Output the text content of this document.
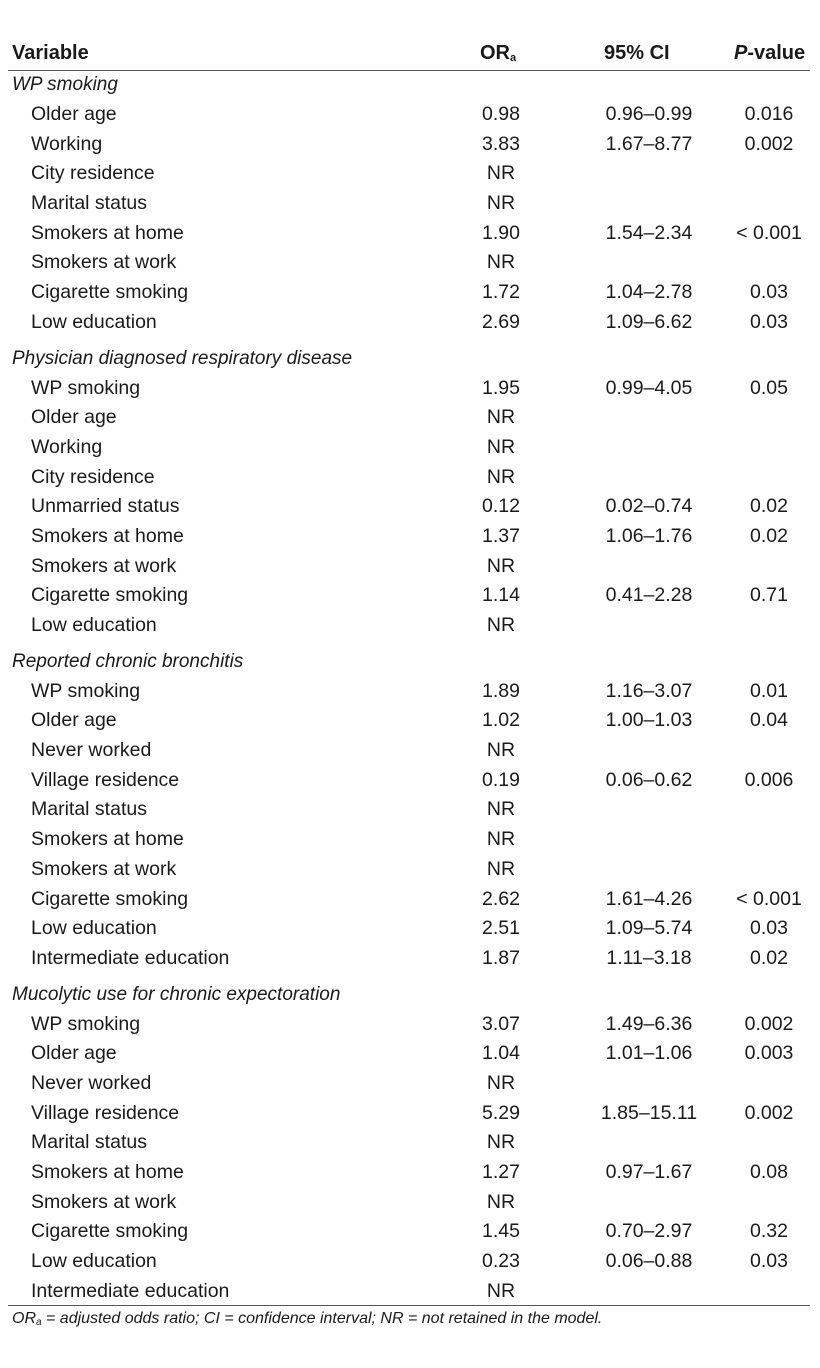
Variable	ORa	95% CI	P-value
WP smoking
Older age	0.98	0.96–0.99	0.016
Working	3.83	1.67–8.77	0.002
City residence	NR
Marital status	NR
Smokers at home	1.90	1.54–2.34	< 0.001
Smokers at work	NR
Cigarette smoking	1.72	1.04–2.78	0.03
Low education	2.69	1.09–6.62	0.03
Physician diagnosed respiratory disease
WP smoking	1.95	0.99–4.05	0.05
Older age	NR
Working	NR
City residence	NR
Unmarried status	0.12	0.02–0.74	0.02
Smokers at home	1.37	1.06–1.76	0.02
Smokers at work	NR
Cigarette smoking	1.14	0.41–2.28	0.71
Low education	NR
Reported chronic bronchitis
WP smoking	1.89	1.16–3.07	0.01
Older age	1.02	1.00–1.03	0.04
Never worked	NR
Village residence	0.19	0.06–0.62	0.006
Marital status	NR
Smokers at home	NR
Smokers at work	NR
Cigarette smoking	2.62	1.61–4.26	< 0.001
Low education	2.51	1.09–5.74	0.03
Intermediate education	1.87	1.11–3.18	0.02
Mucolytic use for chronic expectoration
WP smoking	3.07	1.49–6.36	0.002
Older age	1.04	1.01–1.06	0.003
Never worked	NR
Village residence	5.29	1.85–15.11	0.002
Marital status	NR
Smokers at home	1.27	0.97–1.67	0.08
Smokers at work	NR
Cigarette smoking	1.45	0.70–2.97	0.32
Low education	0.23	0.06–0.88	0.03
Intermediate education	NR
$OR_a$ = adjusted odds ratio; CI = confidence interval; NR = not retained in the model.
